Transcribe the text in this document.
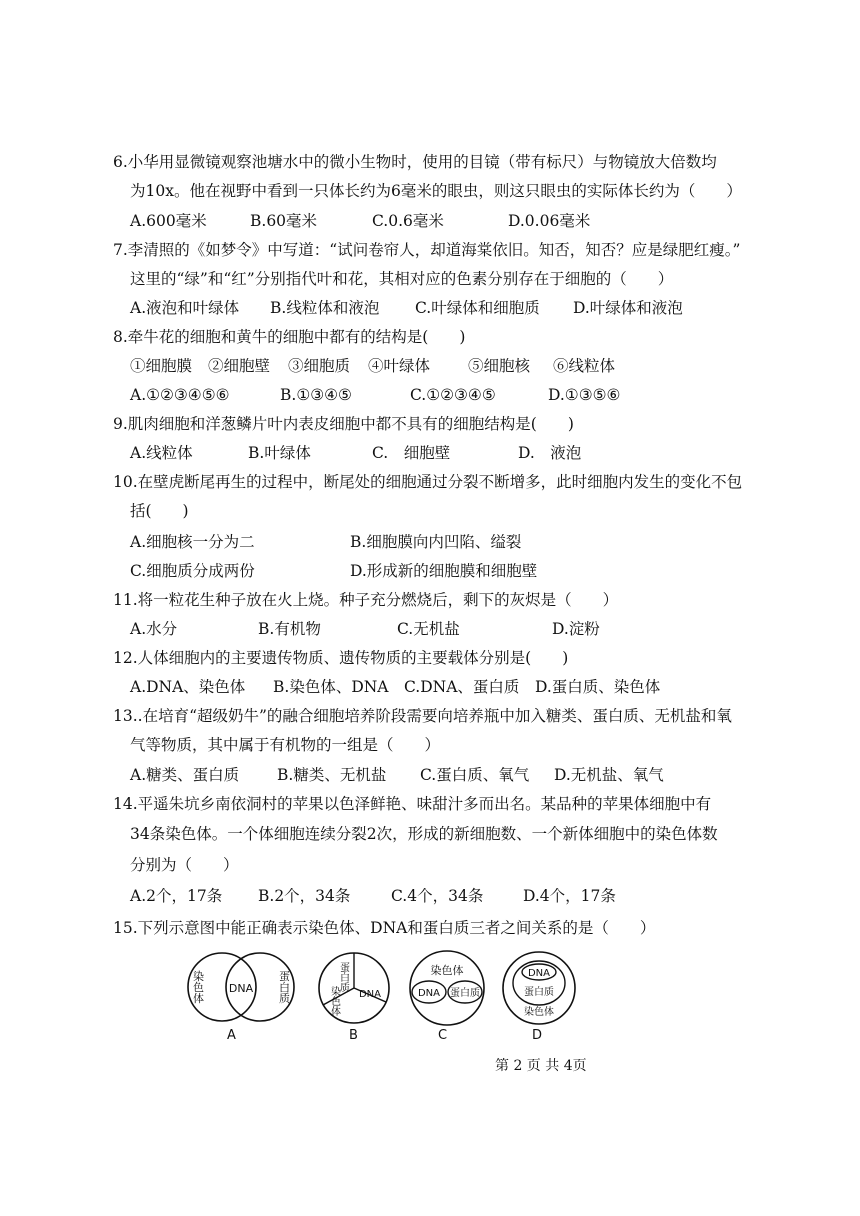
6.小华用显微镜观察池塘水中的微小生物时，使用的目镜（带有标尺）与物镜放大倍数均
为10x。他在视野中看到一只体长约为6毫米的眼虫，则这只眼虫的实际体长约为（　　）
A.600毫米	B.60毫米	C.0.6毫米	D.0.06毫米
7.李清照的《如梦令》中写道：“试问卷帘人，却道海棠依旧。知否，知否？应是绿肥红瘦。”
这里的“绿”和“红”分别指代叶和花，其相对应的色素分别存在于细胞的（　　）
A.液泡和叶绿体 B.线粒体和液泡 C.叶绿体和细胞质 D.叶绿体和液泡
8.牵牛花的细胞和黄牛的细胞中都有的结构是(　　)
①细胞膜 ②细胞壁 ③细胞质 ④叶绿体 ⑤细胞核 ⑥线粒体
A.①②③④⑤⑥	B.①③④⑤	C.①②③④⑤	D.①③⑤⑥
9.肌肉细胞和洋葱鳞片叶内表皮细胞中都不具有的细胞结构是(　　)
A.线粒体	B.叶绿体	C.　细胞壁	D.　液泡
10.在壁虎断尾再生的过程中，断尾处的细胞通过分裂不断增多，此时细胞内发生的变化不包
括(　　)
A.细胞核一分为二	B.细胞膜向内凹陷、缢裂
C.细胞质分成两份	D.形成新的细胞膜和细胞壁
11.将一粒花生种子放在火上烧。种子充分燃烧后，剩下的灰烬是（　　）
A.水分	B.有机物	C.无机盐	D.淀粉
12.人体细胞内的主要遗传物质、遗传物质的主要载体分别是(　　)
A.DNA、染色体 B.染色体、DNA C.DNA、蛋白质 D.蛋白质、染色体
13..在培育“超级奶牛”的融合细胞培养阶段需要向培养瓶中加入糖类、蛋白质、无机盐和氧
气等物质，其中属于有机物的一组是（　　）
A.糖类、蛋白质 B.糖类、无机盐 C.蛋白质、氧气 D.无机盐、氧气
14.平遥朱坑乡南依洞村的苹果以色泽鲜艳、味甜汁多而出名。某品种的苹果体细胞中有
34条染色体。一个体细胞连续分裂2次，形成的新细胞数、一个新体细胞中的染色体数
分别为（　　）
A.2个，17条 B.2个，34条	C.4个，34条	D.4个，17条
15.下列示意图中能正确表示染色体、DNA和蛋白质三者之间关系的是（　　）
染色体 DNA 蛋白质
A
蛋白质
染色体 DNA
B
染色体
DNA 蛋白质
C
DNA
蛋白质
染色体
D
第 2 页 共 4页
